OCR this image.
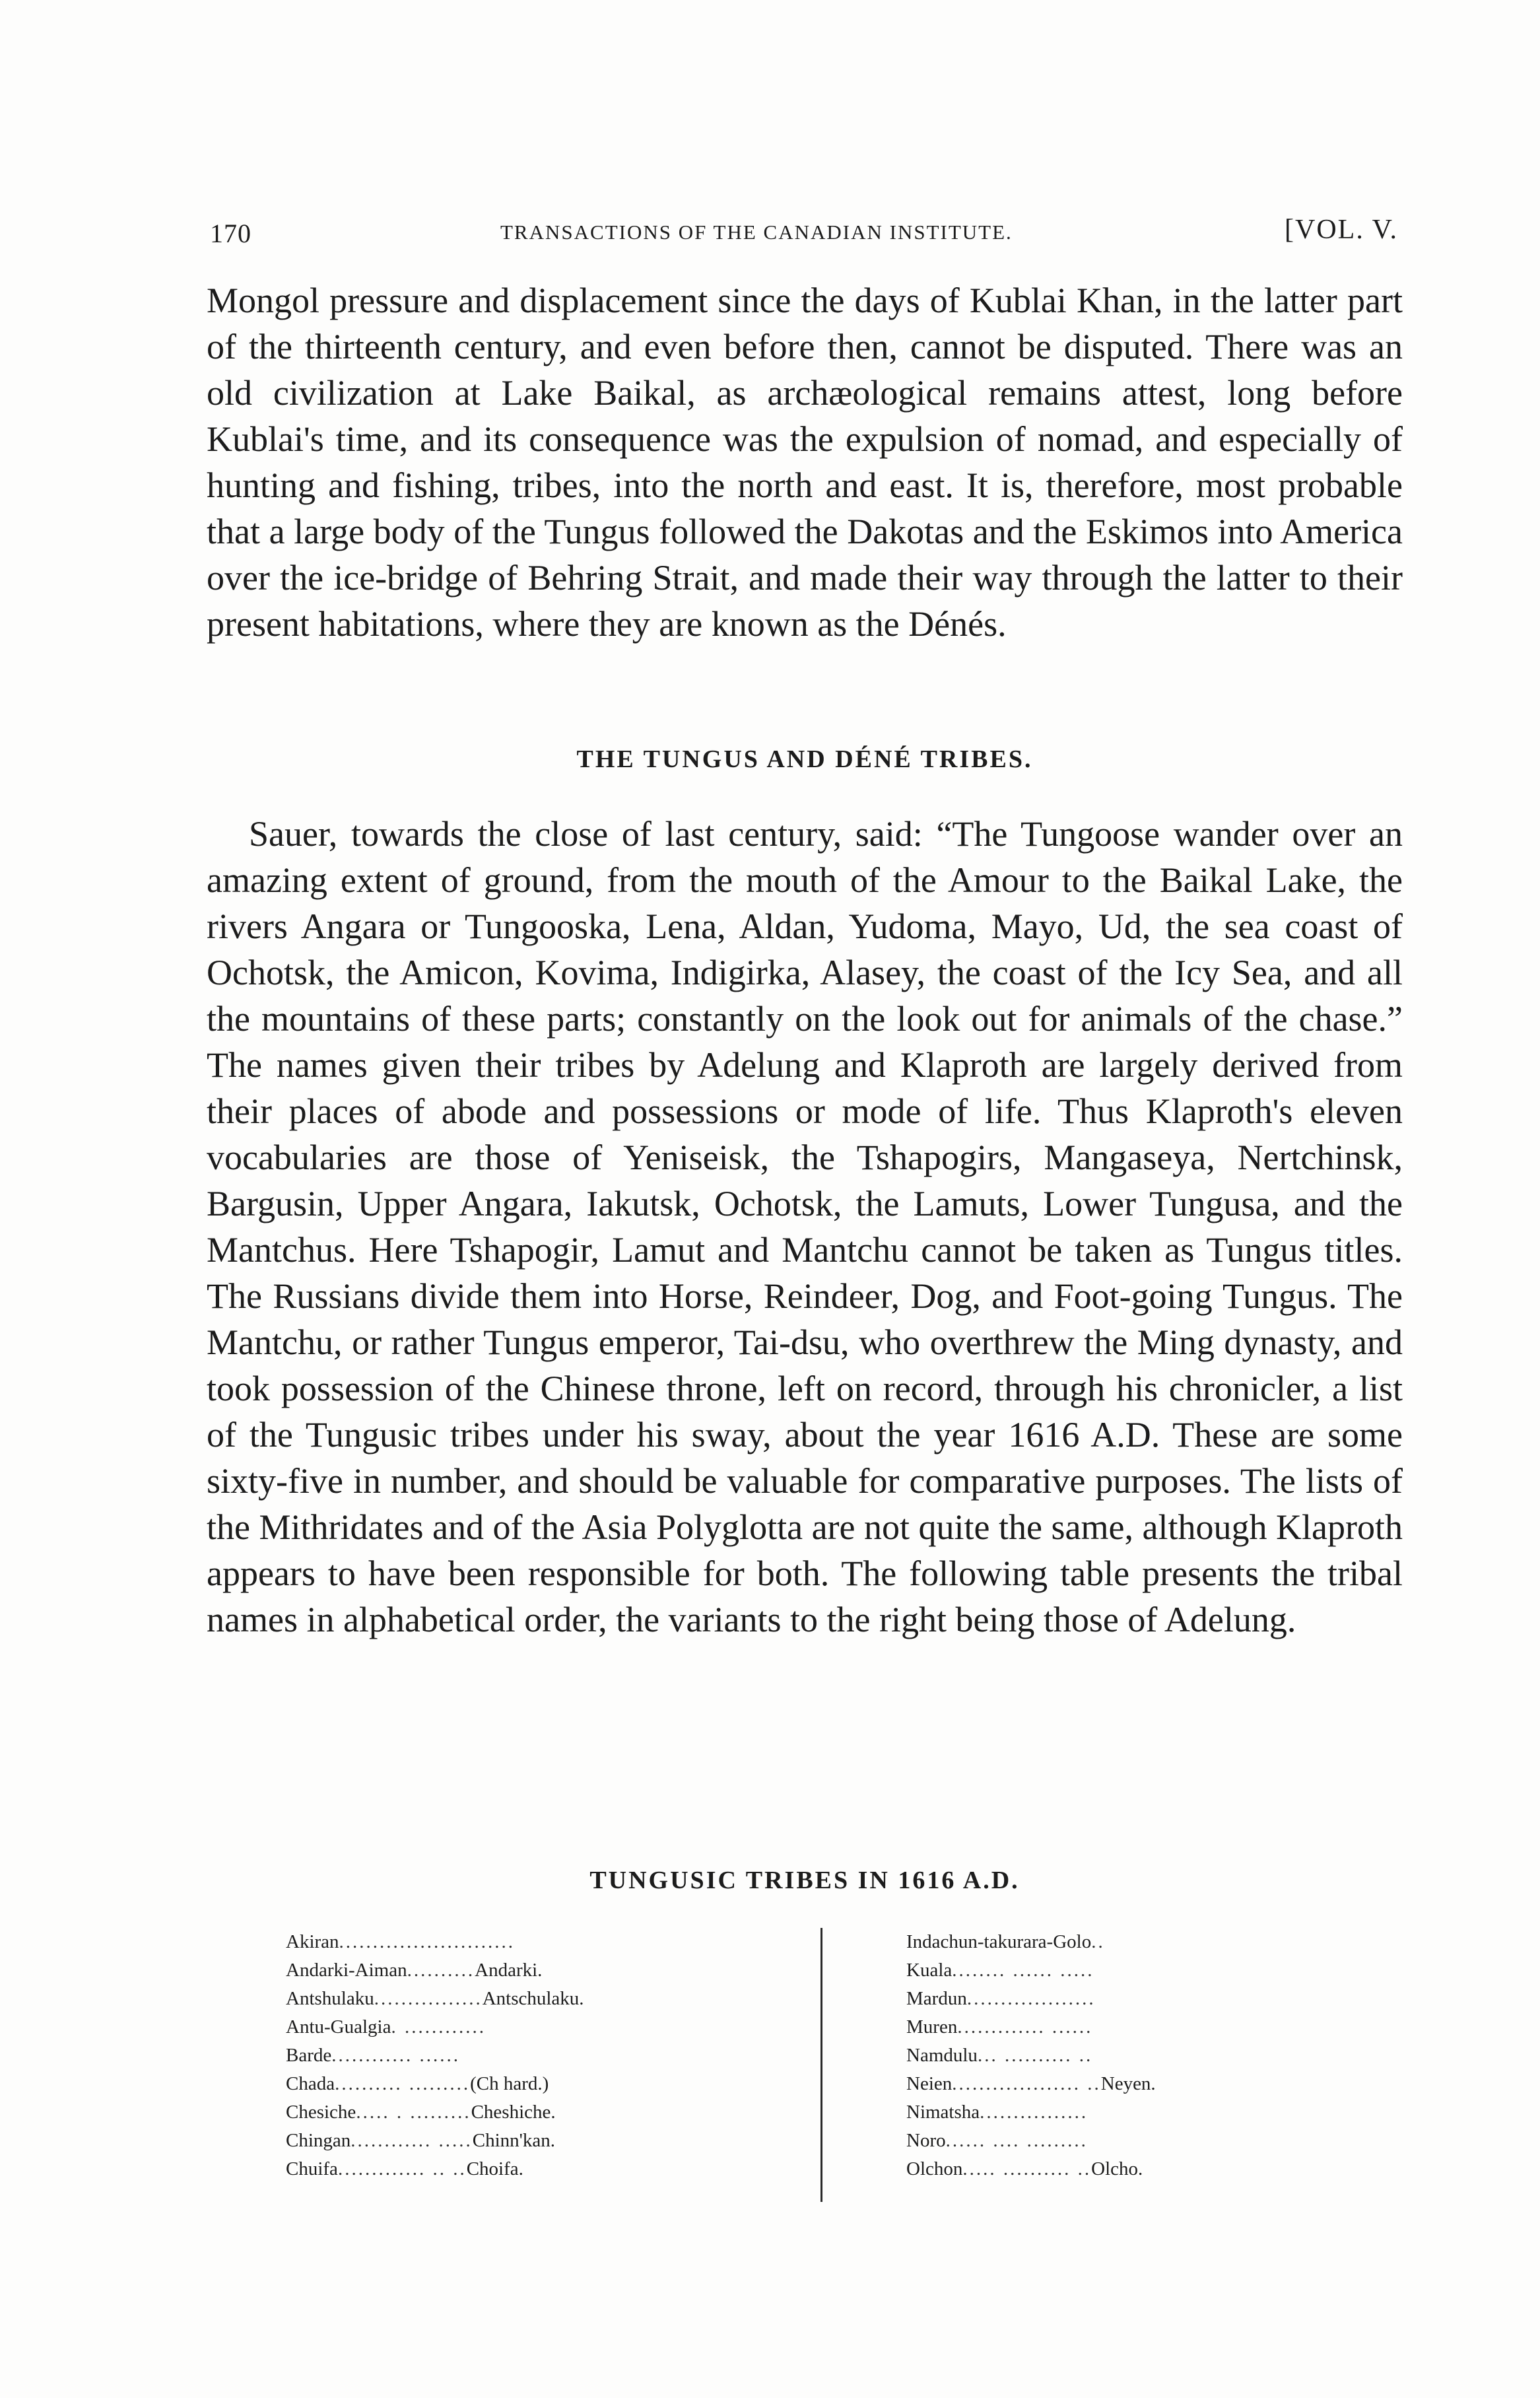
170	TRANSACTIONS OF THE CANADIAN INSTITUTE.	[VOL. V.

Mongol pressure and displacement since the days of Kublai Khan, in the latter part of the thirteenth century, and even before then, cannot be disputed. There was an old civilization at Lake Baikal, as archæological remains attest, long before Kublai's time, and its consequence was the expulsion of nomad, and especially of hunting and fishing, tribes, into the north and east. It is, therefore, most probable that a large body of the Tungus followed the Dakotas and the Eskimos into America over the ice-bridge of Behring Strait, and made their way through the latter to their present habitations, where they are known as the Dénés.

THE TUNGUS AND DÉNÉ TRIBES.

Sauer, towards the close of last century, said: “The Tungoose wander over an amazing extent of ground, from the mouth of the Amour to the Baikal Lake, the rivers Angara or Tungooska, Lena, Aldan, Yudoma, Mayo, Ud, the sea coast of Ochotsk, the Amicon, Kovima, Indigirka, Alasey, the coast of the Icy Sea, and all the mountains of these parts; constantly on the look out for animals of the chase.” The names given their tribes by Adelung and Klaproth are largely derived from their places of abode and possessions or mode of life. Thus Klaproth's eleven vocabularies are those of Yeniseisk, the Tshapogirs, Mangaseya, Nertchinsk, Bargusin, Upper Angara, Iakutsk, Ochotsk, the Lamuts, Lower Tungusa, and the Mantchus. Here Tshapogir, Lamut and Mantchu cannot be taken as Tungus titles. The Russians divide them into Horse, Reindeer, Dog, and Foot-going Tungus. The Mantchu, or rather Tungus emperor, Tai-dsu, who overthrew the Ming dynasty, and took possession of the Chinese throne, left on record, through his chronicler, a list of the Tungusic tribes under his sway, about the year 1616 A.D. These are some sixty-five in number, and should be valuable for comparative purposes. The lists of the Mithridates and of the Asia Polyglotta are not quite the same, although Klaproth appears to have been responsible for both. The following table presents the tribal names in alphabetical order, the variants to the right being those of Adelung.

TUNGUSIC TRIBES IN 1616 A.D.
Akiran..........................
Andarki-Aiman..........Andarki.
Antshulaku................Antschulaku.
Antu-Gualgia. ............
Barde............ ......
Chada.......... .........(Ch hard.)
Chesiche..... . .........Cheshiche.
Chingan............ .....Chinn'kan.
Chuifa............. .. ..Choifa.
Indachun-takurara-Golo..
Kuala........ ...... .....
Mardun...................
Muren............. ......
Namdulu... .......... ..
Neien................... ..Neyen.
Nimatsha................
Noro...... .... .........
Olchon..... .......... ..Olcho.
